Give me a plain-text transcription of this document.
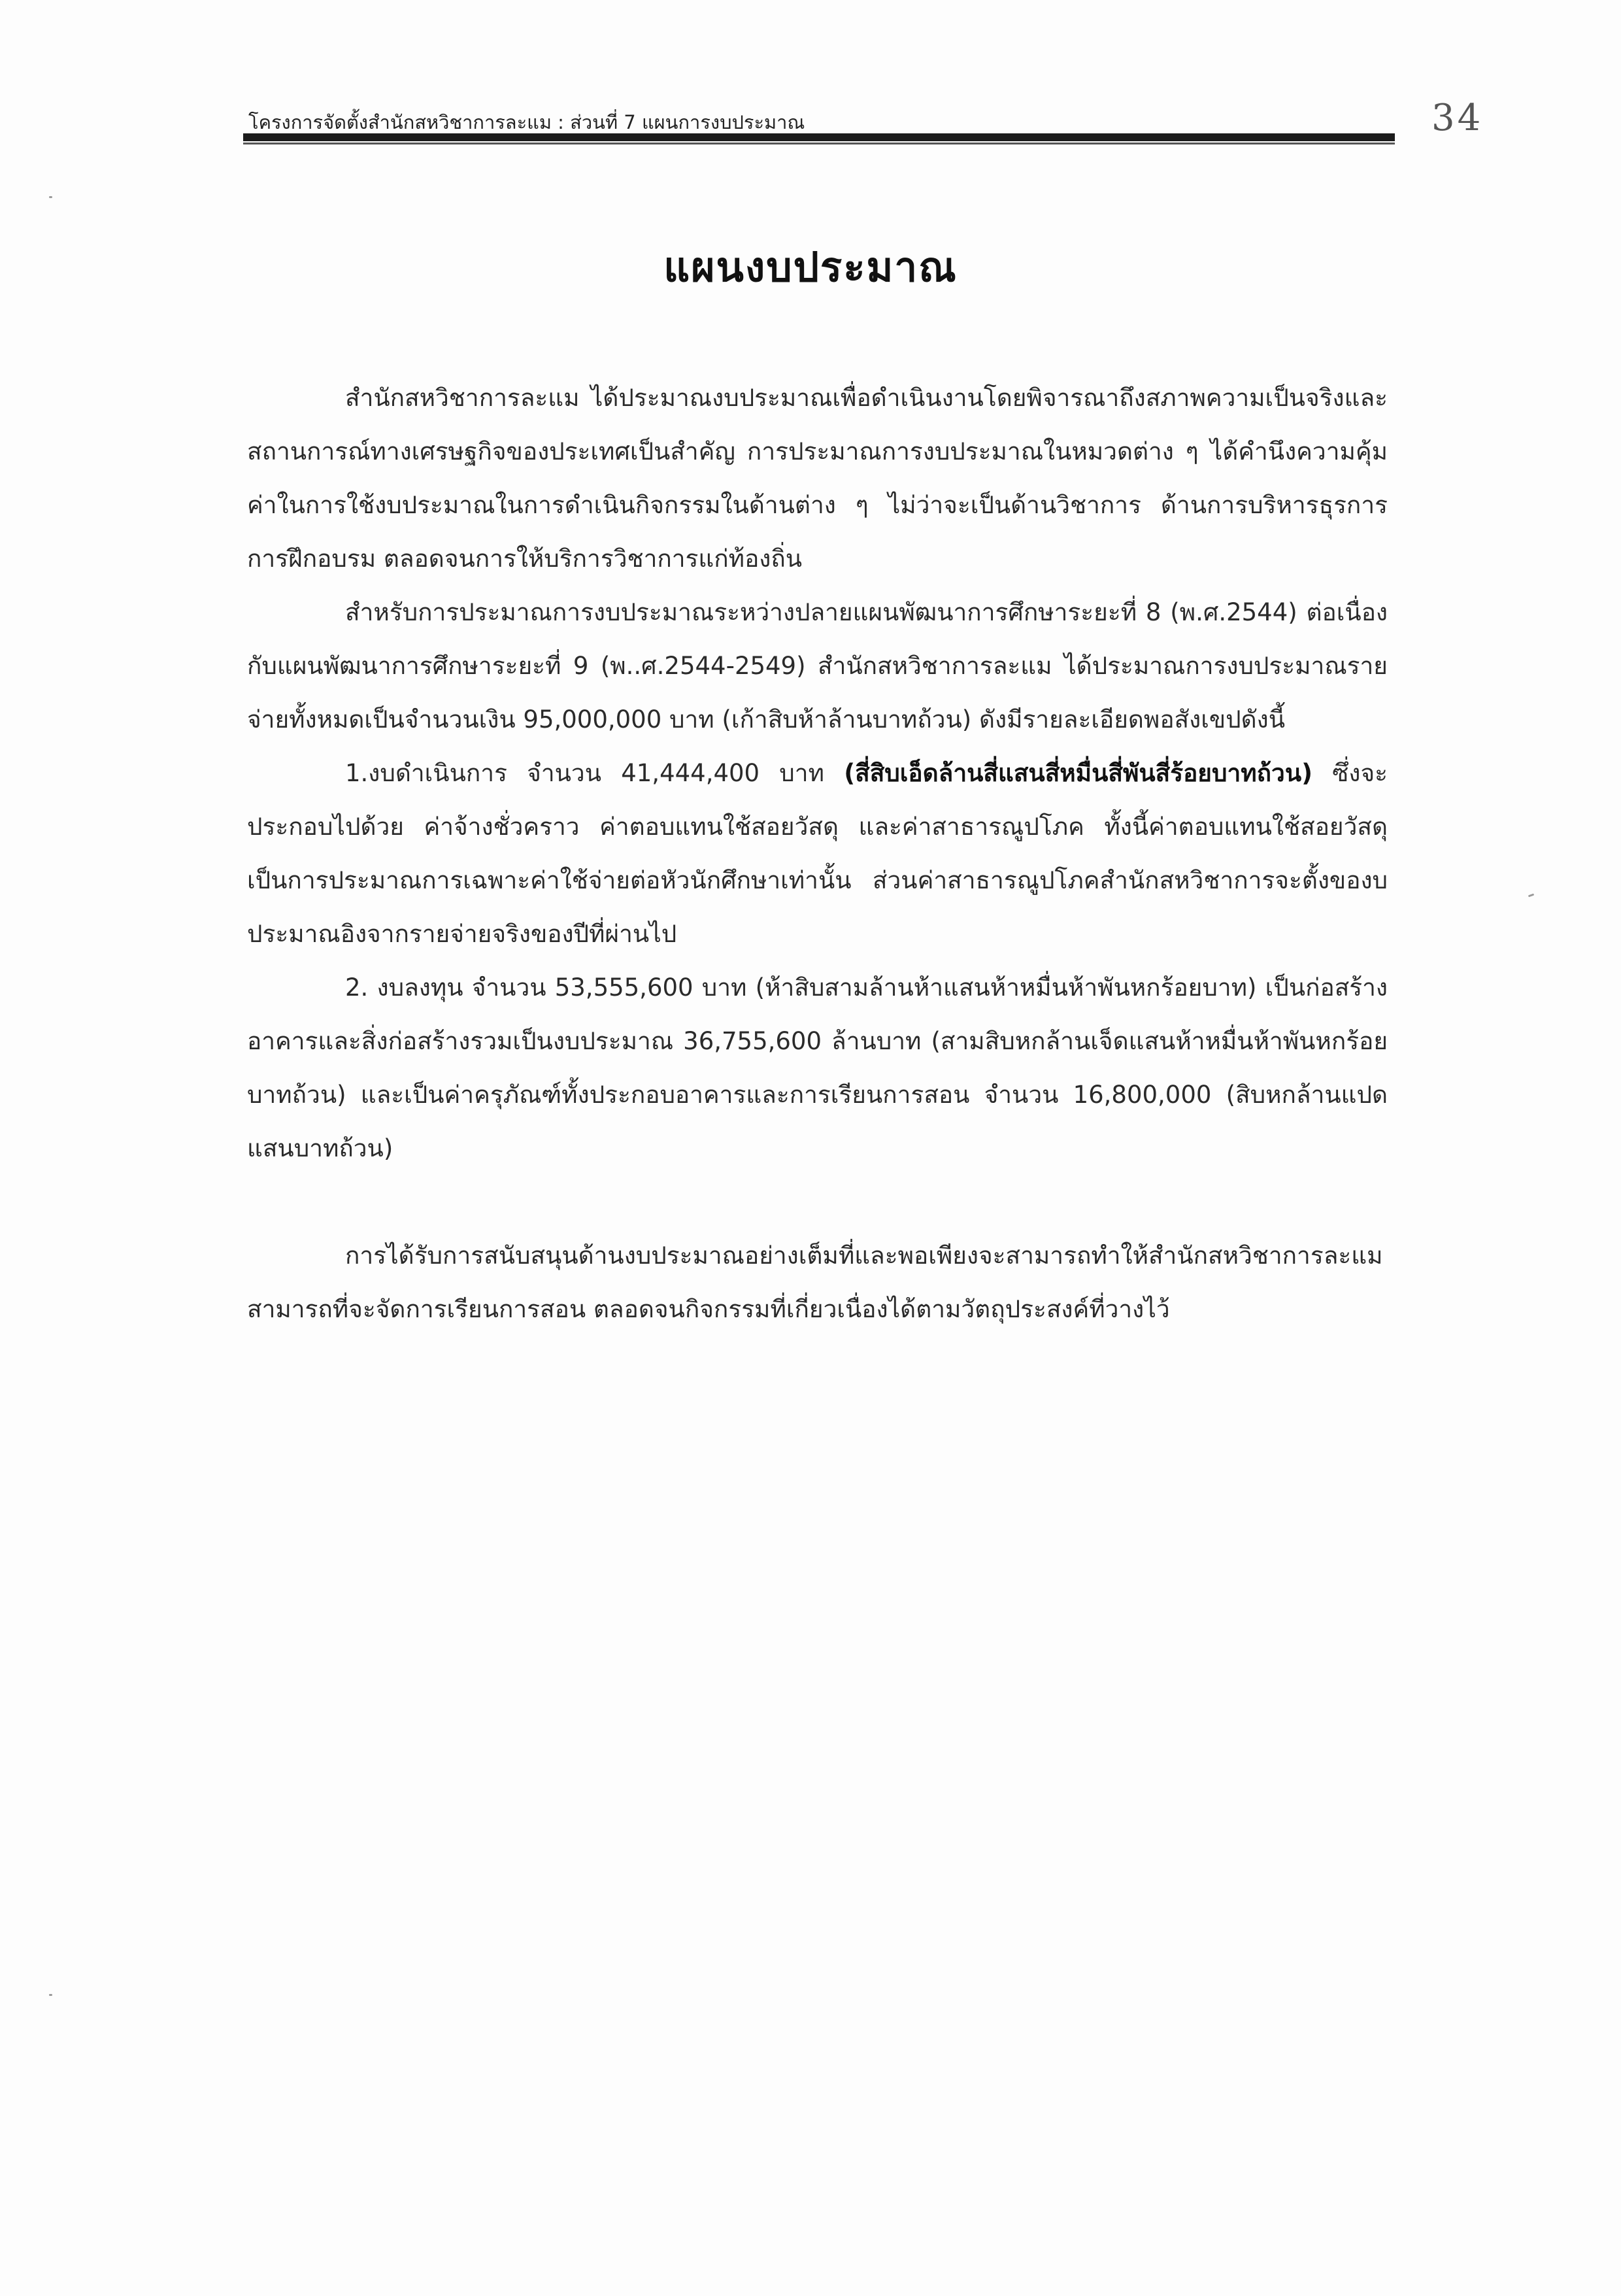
โครงการจัดตั้งสำนักสหวิชาการละแม : ส่วนที่ 7 แผนการงบประมาณ	34
แผนงบประมาณ

สำนักสหวิชาการละแม ได้ประมาณงบประมาณเพื่อดำเนินงานโดยพิจารณาถึงสภาพความเป็นจริงและสถานการณ์ทางเศรษฐกิจของประเทศเป็นสำคัญ การประมาณการงบประมาณในหมวดต่าง ๆ ได้คำนึงความคุ้มค่าในการใช้งบประมาณในการดำเนินกิจกรรมในด้านต่าง ๆ ไม่ว่าจะเป็นด้านวิชาการ ด้านการบริหารธุรการ การฝึกอบรม ตลอดจนการให้บริการวิชาการแก่ท้องถิ่น

สำหรับการประมาณการงบประมาณระหว่างปลายแผนพัฒนาการศึกษาระยะที่ 8 (พ.ศ.2544) ต่อเนื่องกับแผนพัฒนาการศึกษาระยะที่ 9 (พ..ศ.2544-2549) สำนักสหวิชาการละแม ได้ประมาณการงบประมาณรายจ่ายทั้งหมดเป็นจำนวนเงิน 95,000,000 บาท (เก้าสิบห้าล้านบาทถ้วน) ดังมีรายละเอียดพอสังเขปดังนี้

1.งบดำเนินการ จำนวน 41,444,400 บาท (สี่สิบเอ็ดล้านสี่แสนสี่หมื่นสี่พันสี่ร้อยบาทถ้วน) ซึ่งจะประกอบไปด้วย ค่าจ้างชั่วคราว ค่าตอบแทนใช้สอยวัสดุ และค่าสาธารณูปโภค ทั้งนี้ค่าตอบแทนใช้สอยวัสดุเป็นการประมาณการเฉพาะค่าใช้จ่ายต่อหัวนักศึกษาเท่านั้น ส่วนค่าสาธารณูปโภคสำนักสหวิชาการจะตั้งของบประมาณอิงจากรายจ่ายจริงของปีที่ผ่านไป

2. งบลงทุน จำนวน 53,555,600 บาท (ห้าสิบสามล้านห้าแสนห้าหมื่นห้าพันหกร้อยบาท) เป็นก่อสร้างอาคารและสิ่งก่อสร้างรวมเป็นงบประมาณ 36,755,600 ล้านบาท (สามสิบหกล้านเจ็ดแสนห้าหมื่นห้าพันหกร้อยบาทถ้วน) และเป็นค่าครุภัณฑ์ทั้งประกอบอาคารและการเรียนการสอน จำนวน 16,800,000 (สิบหกล้านแปดแสนบาทถ้วน)

การได้รับการสนับสนุนด้านงบประมาณอย่างเต็มที่และพอเพียงจะสามารถทำให้สำนักสหวิชาการละแมสามารถที่จะจัดการเรียนการสอน ตลอดจนกิจกรรมที่เกี่ยวเนื่องได้ตามวัตถุประสงค์ที่วางไว้
